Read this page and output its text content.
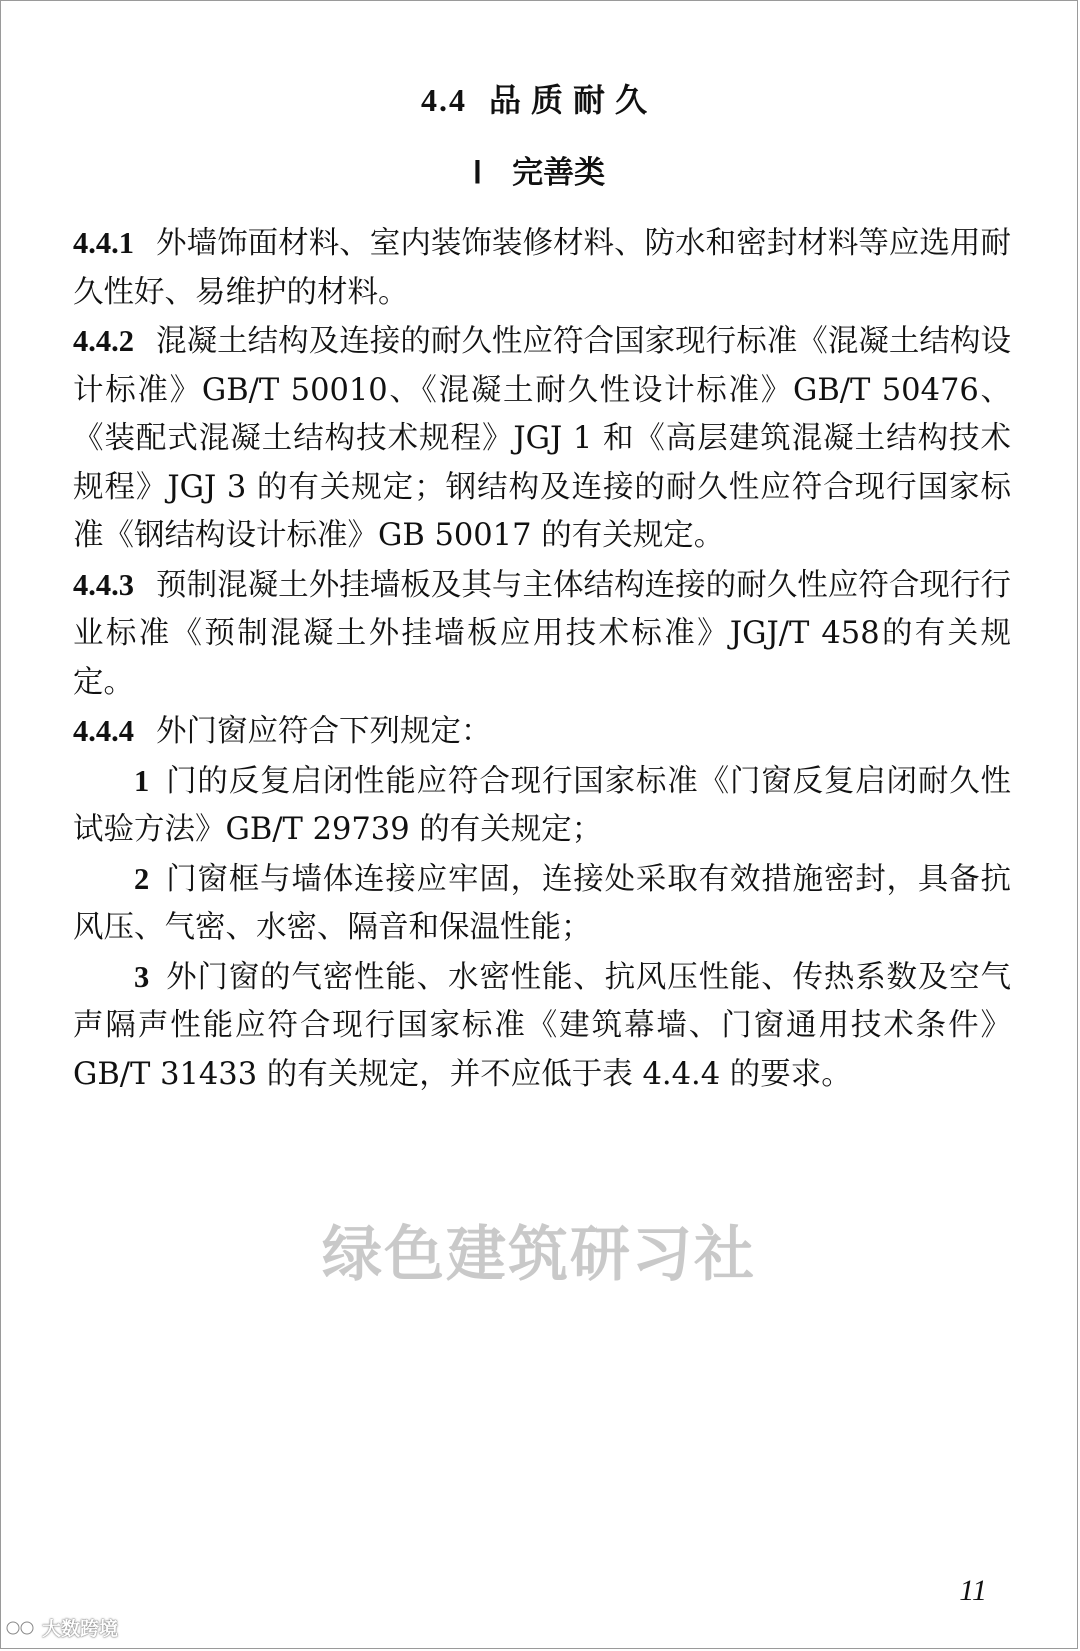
4.4 品质耐久
Ⅰ 完善类

4.4.1 外墙饰面材料、室内装饰装修材料、防水和密封材料等应选用耐久性好、易维护的材料。

4.4.2 混凝土结构及连接的耐久性应符合国家现行标准《混凝土结构设计标准》GB/T 50010、《混凝土耐久性设计标准》GB/T 50476、《装配式混凝土结构技术规程》JGJ 1 和《高层建筑混凝土结构技术规程》JGJ 3 的有关规定；钢结构及连接的耐久性应符合现行国家标准《钢结构设计标准》GB 50017 的有关规定。

4.4.3 预制混凝土外挂墙板及其与主体结构连接的耐久性应符合现行行业标准《预制混凝土外挂墙板应用技术标准》JGJ/T 458的有关规定。

4.4.4 外门窗应符合下列规定：

1 门的反复启闭性能应符合现行国家标准《门窗反复启闭耐久性试验方法》GB/T 29739 的有关规定；

2 门窗框与墙体连接应牢固，连接处采取有效措施密封，具备抗风压、气密、水密、隔音和保温性能；

3 外门窗的气密性能、水密性能、抗风压性能、传热系数及空气声隔声性能应符合现行国家标准《建筑幕墙、门窗通用技术条件》GB/T 31433 的有关规定，并不应低于表 4.4.4 的要求。

绿色建筑研习社
11
大数跨境
